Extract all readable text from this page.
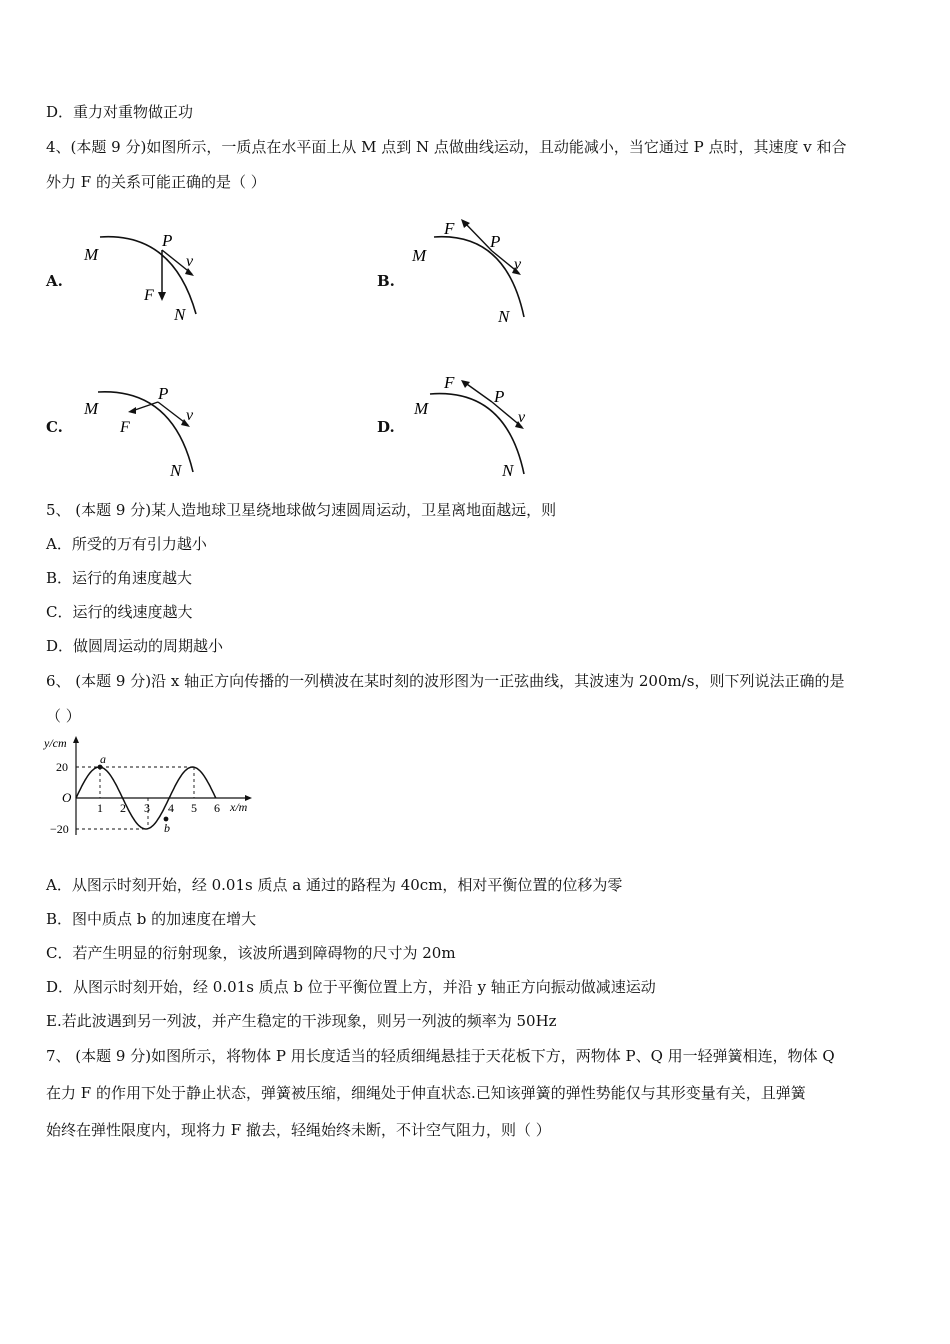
D．重力对重物做正功
4、(本题 9 分)如图所示，一质点在水平面上从 M 点到 N 点做曲线运动，且动能减小，当它通过 P 点时，其速度 v 和合
外力 F 的关系可能正确的是（ ）
A.
M
P
v
F
N
B.
M
F
P
v
N
C.
M
P
F
v
N
D.
M
F
P
v
N
5、 (本题 9 分)某人造地球卫星绕地球做匀速圆周运动，卫星离地面越远，则
A．所受的万有引力越小
B．运行的角速度越大
C．运行的线速度越大
D．做圆周运动的周期越小
6、 (本题 9 分)沿 x 轴正方向传播的一列横波在某时刻的波形图为一正弦曲线，其波速为 200m/s，则下列说法正确的是
（ ）
y/cm
x/m
O
20
−20
1 2 3 4 5 6
a
b
A．从图示时刻开始，经 0.01s 质点 a 通过的路程为 40cm，相对平衡位置的位移为零
B．图中质点 b 的加速度在增大
C．若产生明显的衍射现象，该波所遇到障碍物的尺寸为 20m
D．从图示时刻开始，经 0.01s 质点 b 位于平衡位置上方，并沿 y 轴正方向振动做减速运动
E.若此波遇到另一列波，并产生稳定的干涉现象，则另一列波的频率为 50Hz
7、 (本题 9 分)如图所示，将物体 P 用长度适当的轻质细绳悬挂于天花板下方，两物体 P、Q 用一轻弹簧相连，物体 Q
在力 F 的作用下处于静止状态，弹簧被压缩，细绳处于伸直状态.已知该弹簧的弹性势能仅与其形变量有关，且弹簧
始终在弹性限度内，现将力 F 撤去，轻绳始终未断，不计空气阻力，则（ ）
